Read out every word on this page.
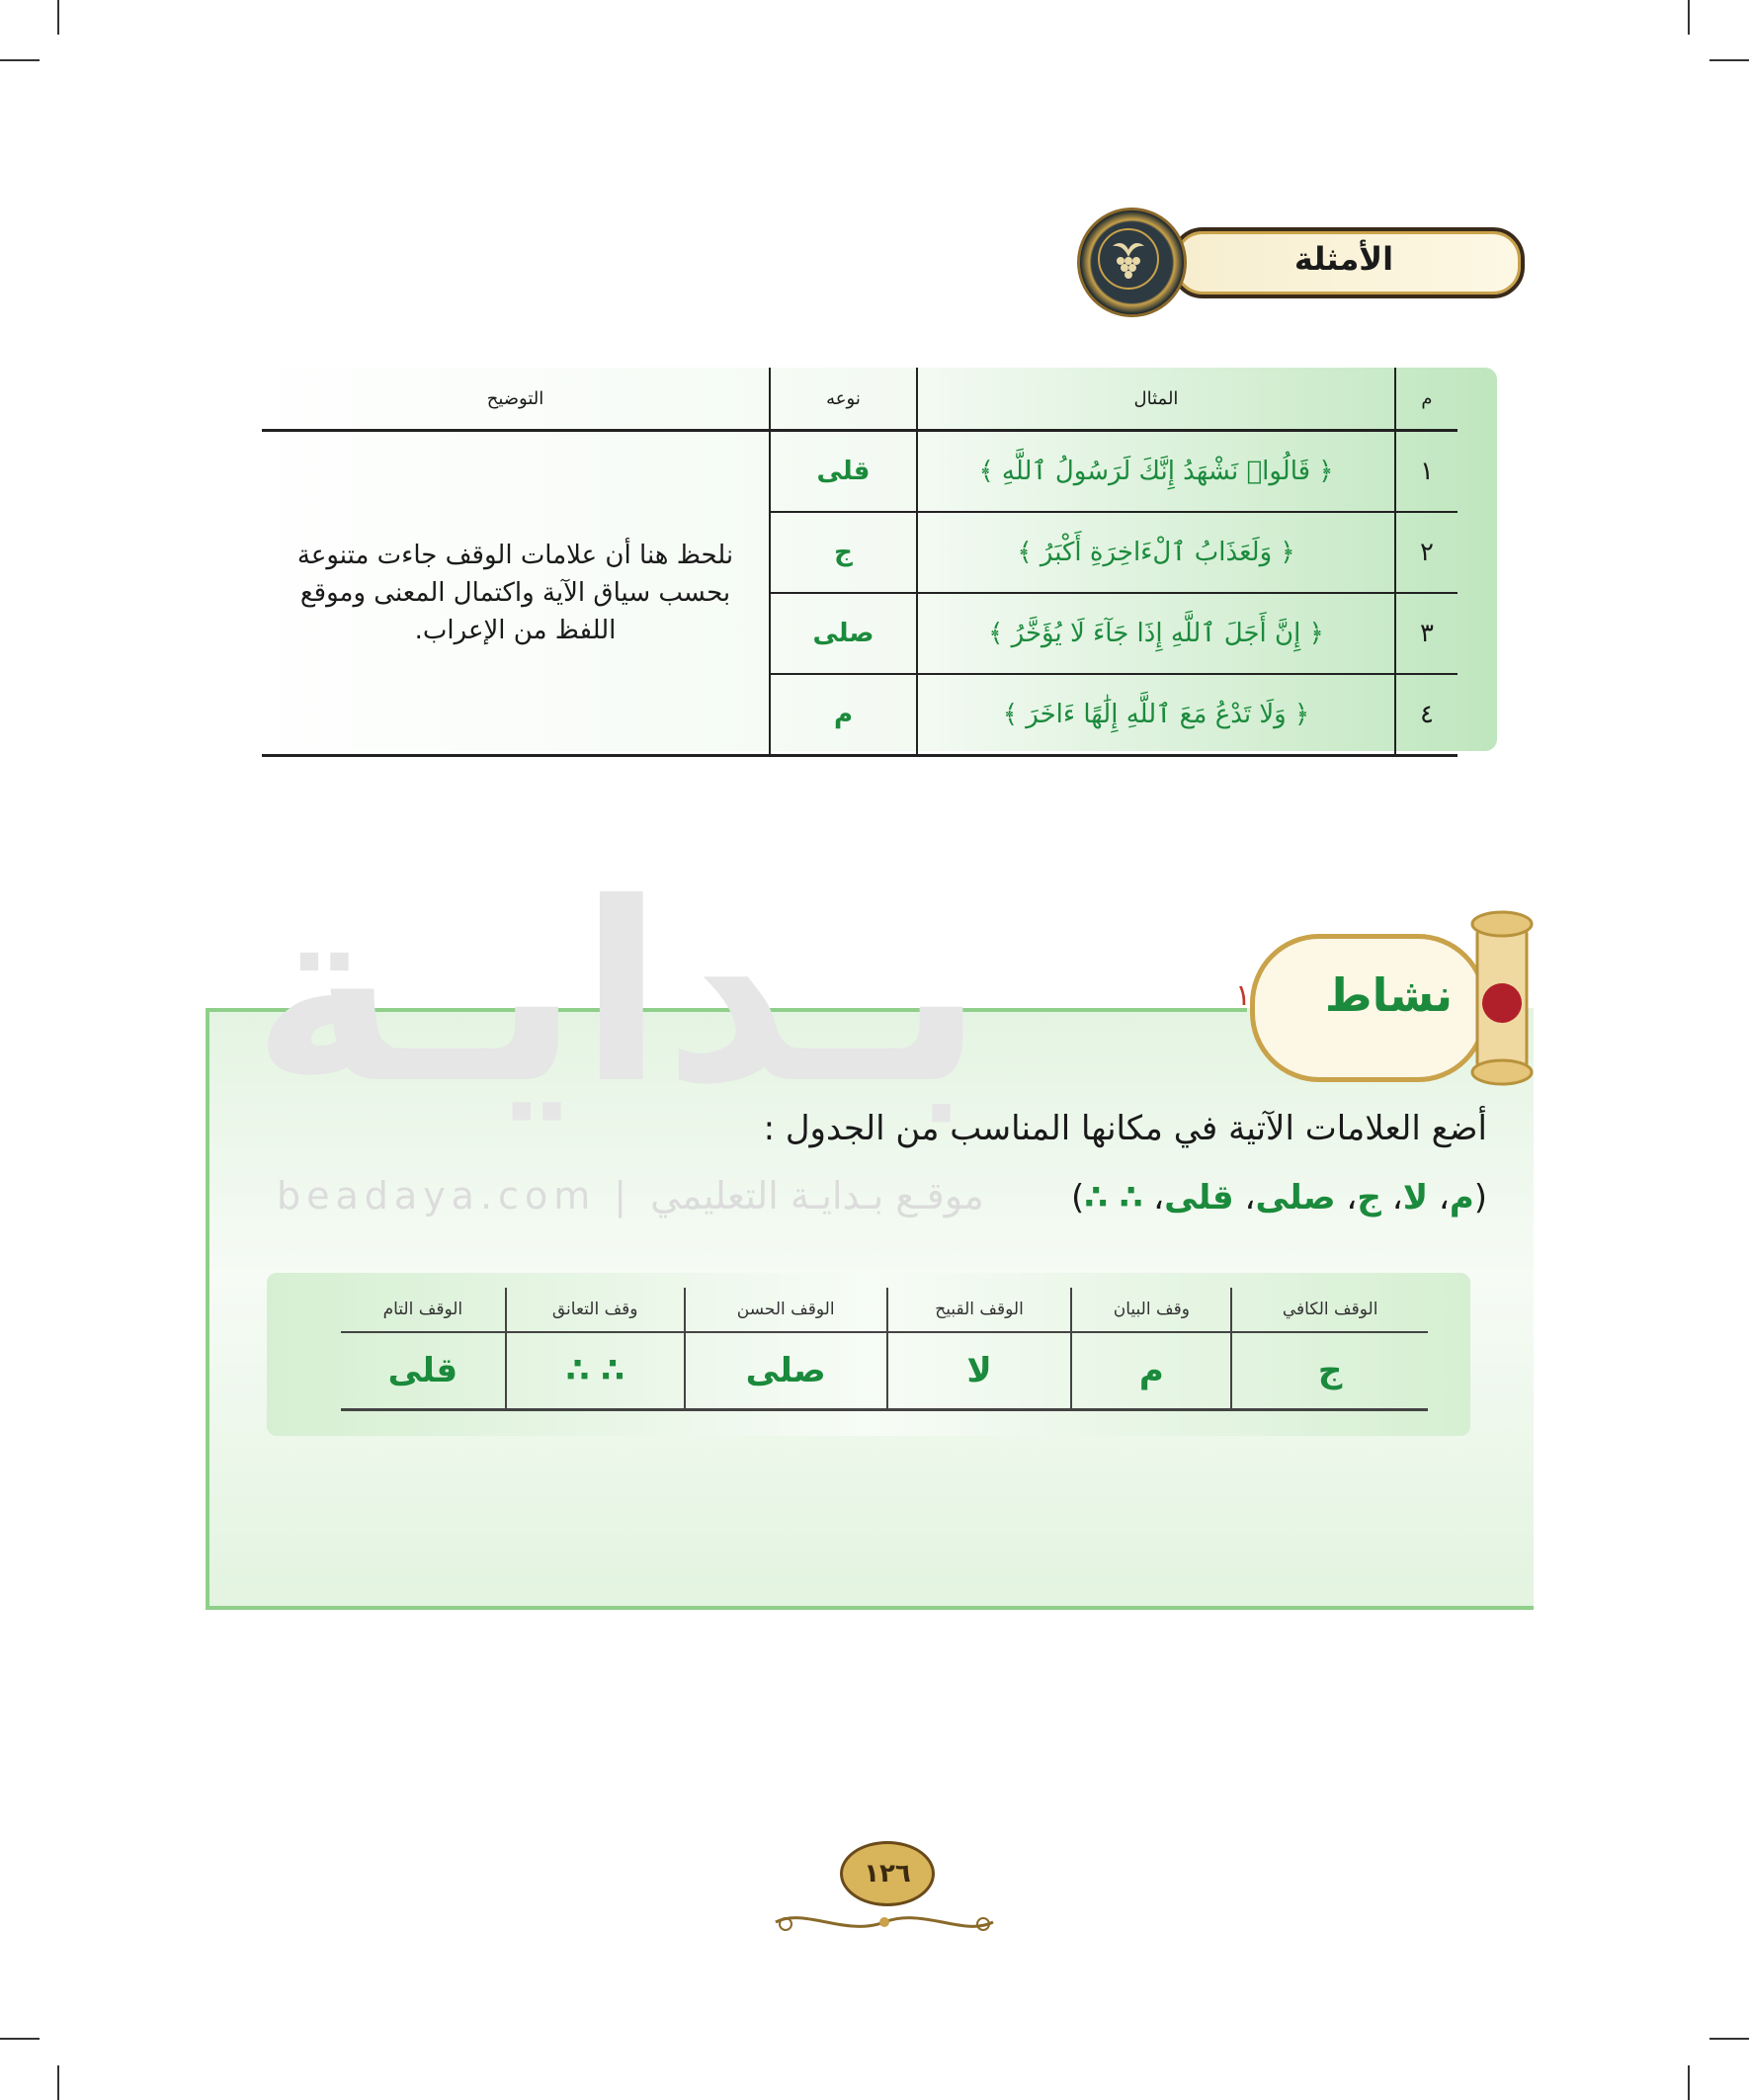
الأمثلة
م	المثال	نوعه	التوضيح
١	﴿ قَالُوا۟ نَشْهَدُ إِنَّكَ لَرَسُولُ ٱللَّهِ ﴾	قلى	نلحظ هنا أن علامات الوقف جاءت متنوعة بحسب سياق الآية واكتمال المعنى وموقع اللفظ من الإعراب.
٢	﴿ وَلَعَذَابُ ٱلْءَاخِرَةِ أَكْبَرُ ﴾	ج	
٣	﴿ إِنَّ أَجَلَ ٱللَّهِ إِذَا جَآءَ لَا يُؤَخَّرُ ﴾	صلى	
٤	﴿ وَلَا تَدْعُ مَعَ ٱللَّهِ إِلَٰهًا ءَاخَرَ ﴾	م	
بـدايـة
beadaya.com | موقـع بـدايـة التعليمي
نشاط
١
أضع العلامات الآتية في مكانها المناسب من الجدول :
(م، لا، ج، صلى، قلى، ∴ ∴)
الوقف الكافي	وقف البيان	الوقف القبيح	الوقف الحسن	وقف التعانق	الوقف التام
ج	م	لا	صلى	∴ ∴	قلى
١٢٦
